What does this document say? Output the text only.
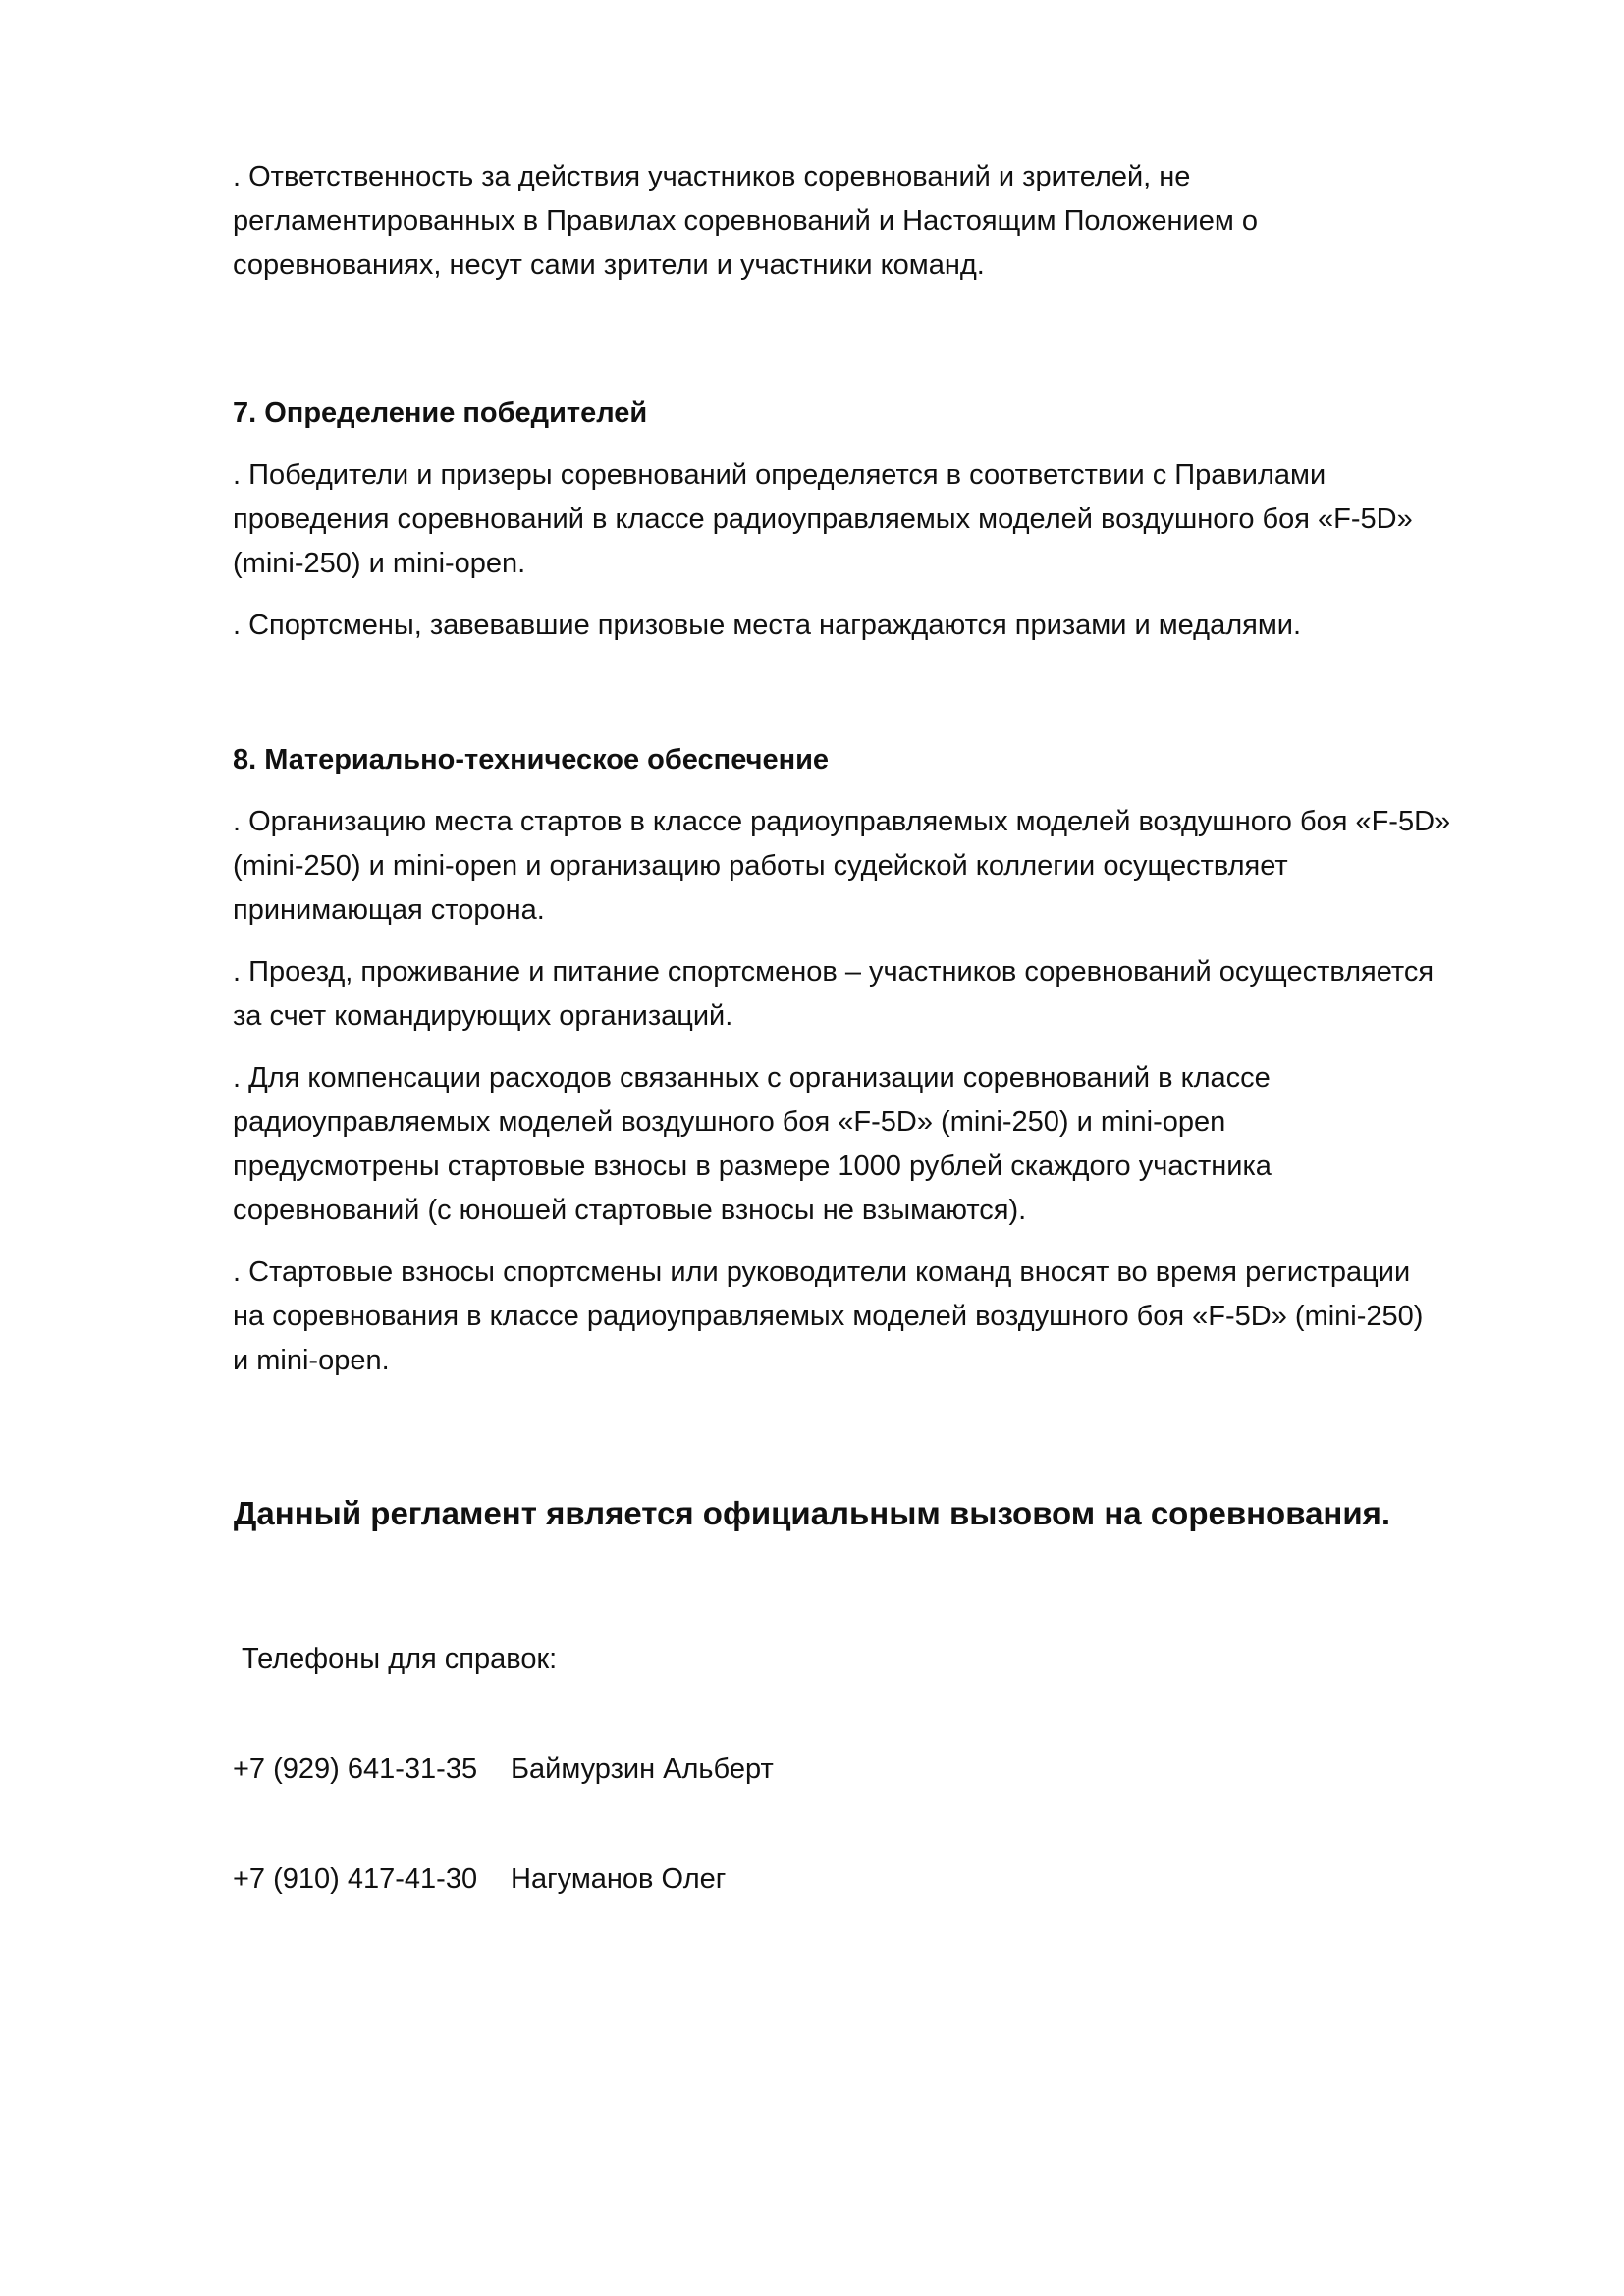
. Ответственность за действия участников соревнований и зрителей, не
регламентированных в Правилах соревнований и Настоящим Положением о
соревнованиях, несут сами зрители и участники команд.

7. Определение победителей

. Победители и призеры соревнований определяется в соответствии с Правилами
проведения соревнований в классе радиоуправляемых моделей воздушного боя «F-5D»
(mini-250) и mini-open.

. Спортсмены, завевавшие призовые места награждаются призами и медалями.

8. Материально-техническое обеспечение

. Организацию места стартов в классе радиоуправляемых моделей воздушного боя «F-5D»
(mini-250) и mini-open и организацию работы судейской коллегии осуществляет
принимающая сторона.

. Проезд, проживание и питание спортсменов – участников соревнований осуществляется
за счет командирующих организаций.

. Для компенсации расходов связанных с организации соревнований в классе
радиоуправляемых моделей воздушного боя «F-5D» (mini-250) и mini-open
предусмотрены стартовые взносы в размере 1000 рублей скаждого участника
соревнований (с юношей стартовые взносы не взымаются).

. Стартовые взносы спортсмены или руководители команд вносят во время регистрации
на соревнования в классе радиоуправляемых моделей воздушного боя «F-5D» (mini-250)
и mini-open.

Данный регламент является официальным вызовом на соревнования.

Телефоны для справок:

+7 (929) 641-31-35 Баймурзин Альберт

+7 (910) 417-41-30 Нагуманов Олег
